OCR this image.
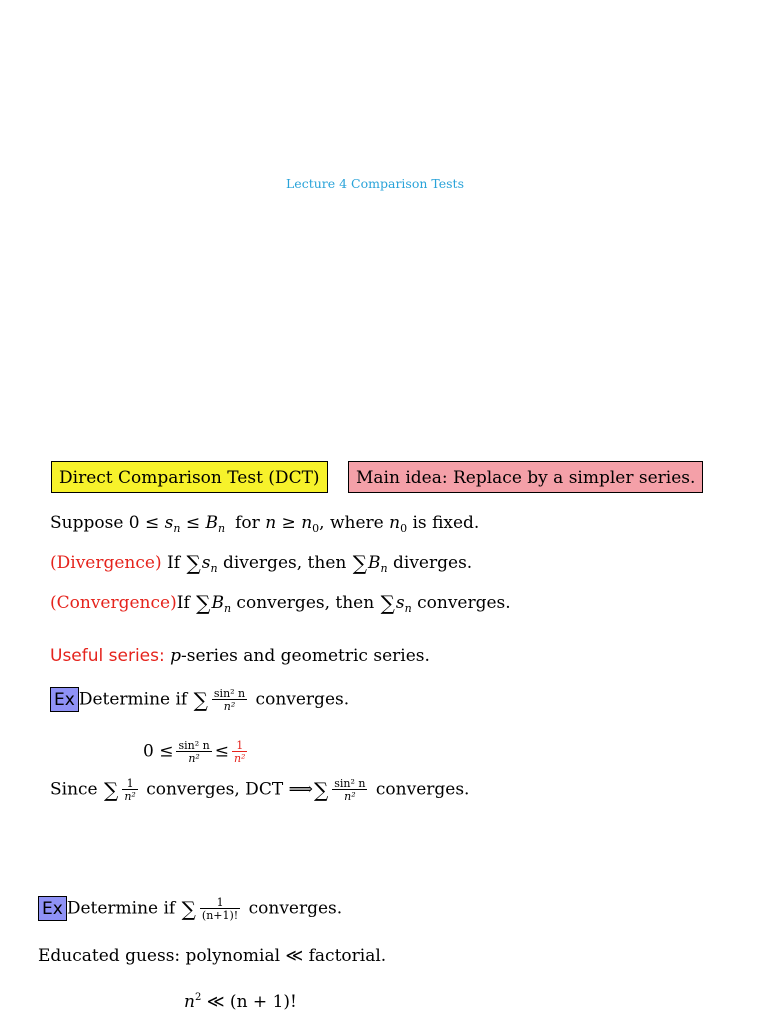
Lecture 4 Comparison Tests
Direct Comparison Test (DCT)	Main idea: Replace by a simpler series.
Suppose $0 \le s_n \le B_n$ for $n \ge n_0$, where $n_0$ is fixed.
(Divergence) If $\sum s_n$ diverges, then $\sum B_n$ diverges.
(Convergence)If $\sum B_n$ converges, then $\sum s_n$ converges.
Useful series: p-series and geometric series.
Ex Determine if ∑ $\frac{\text{sin² n}}{\text{n²}}$ converges.
$0 \le \frac{\text{sin² n}}{\text{n²}} \le \frac{1}{\text{n²}}$
Since ∑ $\frac{1}{\text{n²}}$ converges, DCT ⟹∑ $\frac{\text{sin² n}}{\text{n²}}$ converges.
Ex Determine if ∑ $\frac{1}{(n+1)!}$ converges.
Educated guess: polynomial ≪ factorial.
$n^2$ ≪ (n + 1)!
